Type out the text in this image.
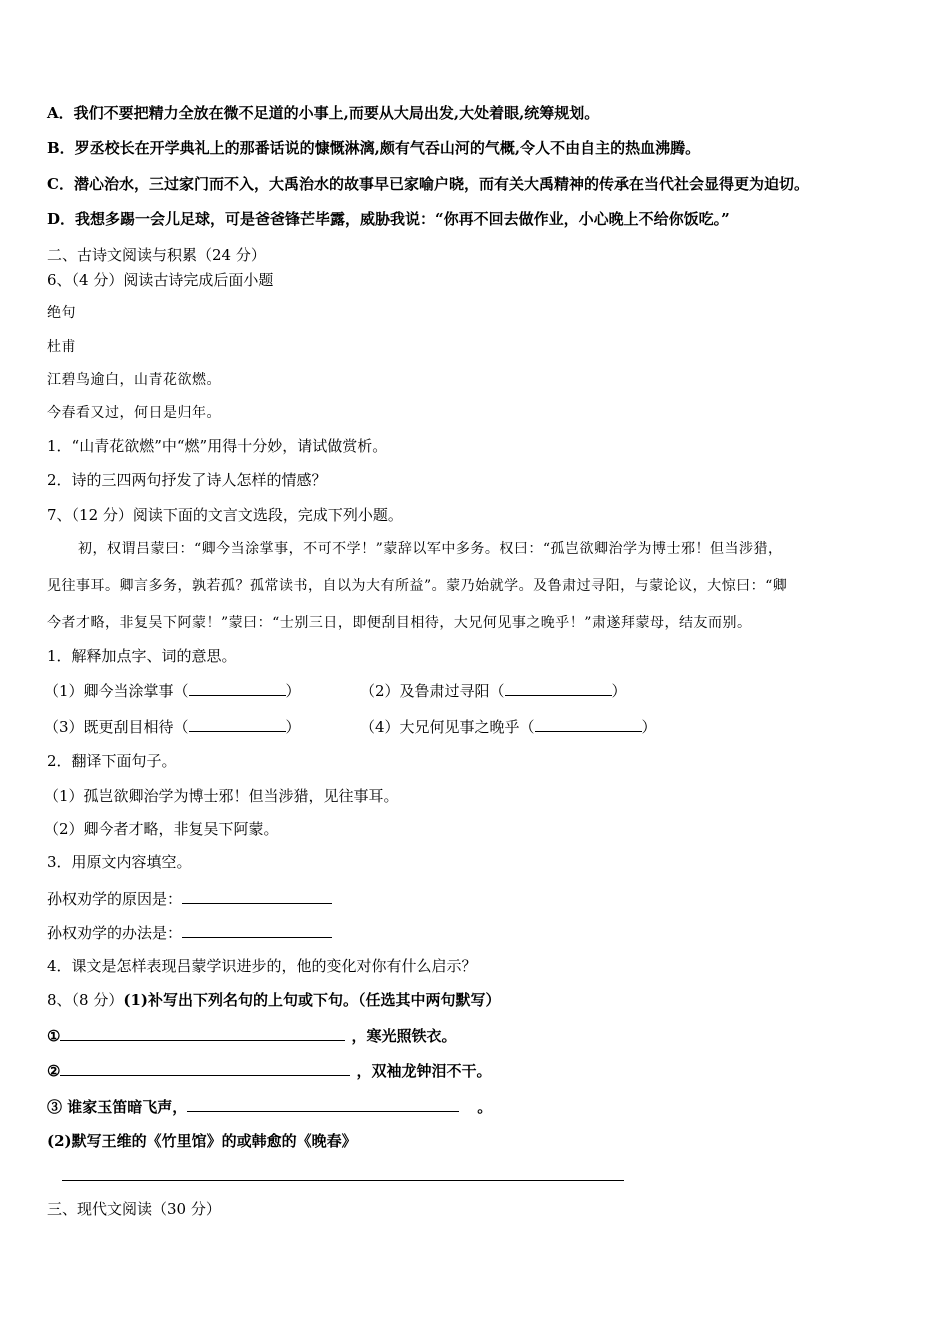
A．我们不要把精力全放在微不足道的小事上,而要从大局出发,大处着眼,统筹规划。
B．罗丞校长在开学典礼上的那番话说的慷慨淋漓,颇有气吞山河的气概,令人不由自主的热血沸腾。
C．潜心治水，三过家门而不入，大禹治水的故事早已家喻户晓，而有关大禹精神的传承在当代社会显得更为迫切。
D．我想多踢一会儿足球，可是爸爸锋芒毕露，威胁我说：“你再不回去做作业，小心晚上不给你饭吃。”
二、古诗文阅读与积累（24 分）
6、（4 分）阅读古诗完成后面小题
绝句
杜甫
江碧鸟逾白，山青花欲燃。
今春看又过，何日是归年。
1．“山青花欲燃”中“燃”用得十分妙，请试做赏析。
2．诗的三四两句抒发了诗人怎样的情感？
7、（12 分）阅读下面的文言文选段，完成下列小题。
初，权谓吕蒙曰：“卿今当涂掌事，不可不学！”蒙辞以军中多务。权曰：“孤岂欲卿治学为博士邪！但当涉猎，
见往事耳。卿言多务，孰若孤？孤常读书，自以为大有所益”。蒙乃始就学。及鲁肃过寻阳，与蒙论议，大惊曰：“卿
今者才略，非复吴下阿蒙！”蒙曰：“士别三日，即便刮目相待，大兄何见事之晚乎！”肃遂拜蒙母，结友而别。
1．解释加点字、词的意思。
（1）卿今当涂掌事（	）	（2）及鲁肃过寻阳（	）
（3）既更刮目相待（	）	（4）大兄何见事之晚乎（	）
2．翻译下面句子。
（1）孤岂欲卿治学为博士邪！但当涉猎，见往事耳。
（2）卿今者才略，非复吴下阿蒙。
3．用原文内容填空。
孙权劝学的原因是：
孙权劝学的办法是：
4．课文是怎样表现吕蒙学识进步的，他的变化对你有什么启示？
8、（8 分）(1)补写出下列名句的上句或下句。（任选其中两句默写）
①	，寒光照铁衣。
②	，双袖龙钟泪不干。
③ 谁家玉笛暗飞声，	。
(2)默写王维的《竹里馆》的或韩愈的《晚春》
三、现代文阅读（30 分）
